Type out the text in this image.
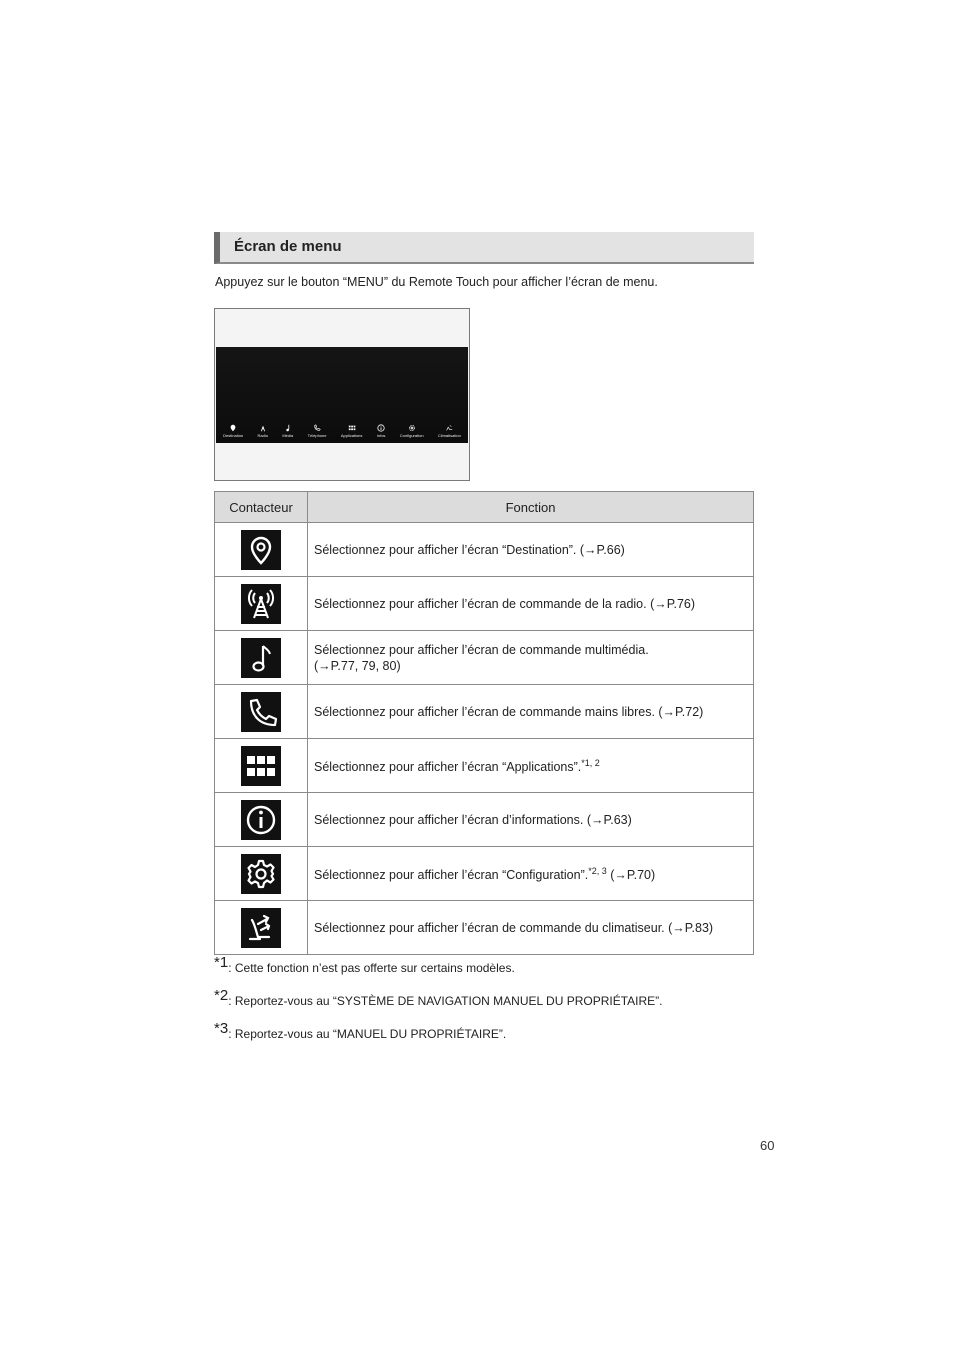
Écran de menu
Appuyez sur le bouton “MENU” du Remote Touch pour afficher l’écran de menu.
Destination	Radio	Média	Téléphone	Applications	Infos	Configuration	Climatisation
Contacteur	Fonction

	Sélectionnez pour afficher l’écran “Destination”. (→P.66)

	Sélectionnez pour afficher l’écran de commande de la radio. (→P.76)

	Sélectionnez pour afficher l’écran de commande multimédia.
(→P.77, 79, 80)

	Sélectionnez pour afficher l’écran de commande mains libres. (→P.72)

	Sélectionnez pour afficher l’écran “Applications”.$^{*1, 2}$

	Sélectionnez pour afficher l’écran d’informations. (→P.63)

	Sélectionnez pour afficher l’écran “Configuration”.$^{*2, 3}$ (→P.70)

	Sélectionnez pour afficher l’écran de commande du climatiseur. (→P.83)
$^{*1}$: Cette fonction n’est pas offerte sur certains modèles.
$^{*2}$: Reportez-vous au “SYSTÈME DE NAVIGATION MANUEL DU PROPRIÉTAIRE”.
$^{*3}$: Reportez-vous au “MANUEL DU PROPRIÉTAIRE”.
60
